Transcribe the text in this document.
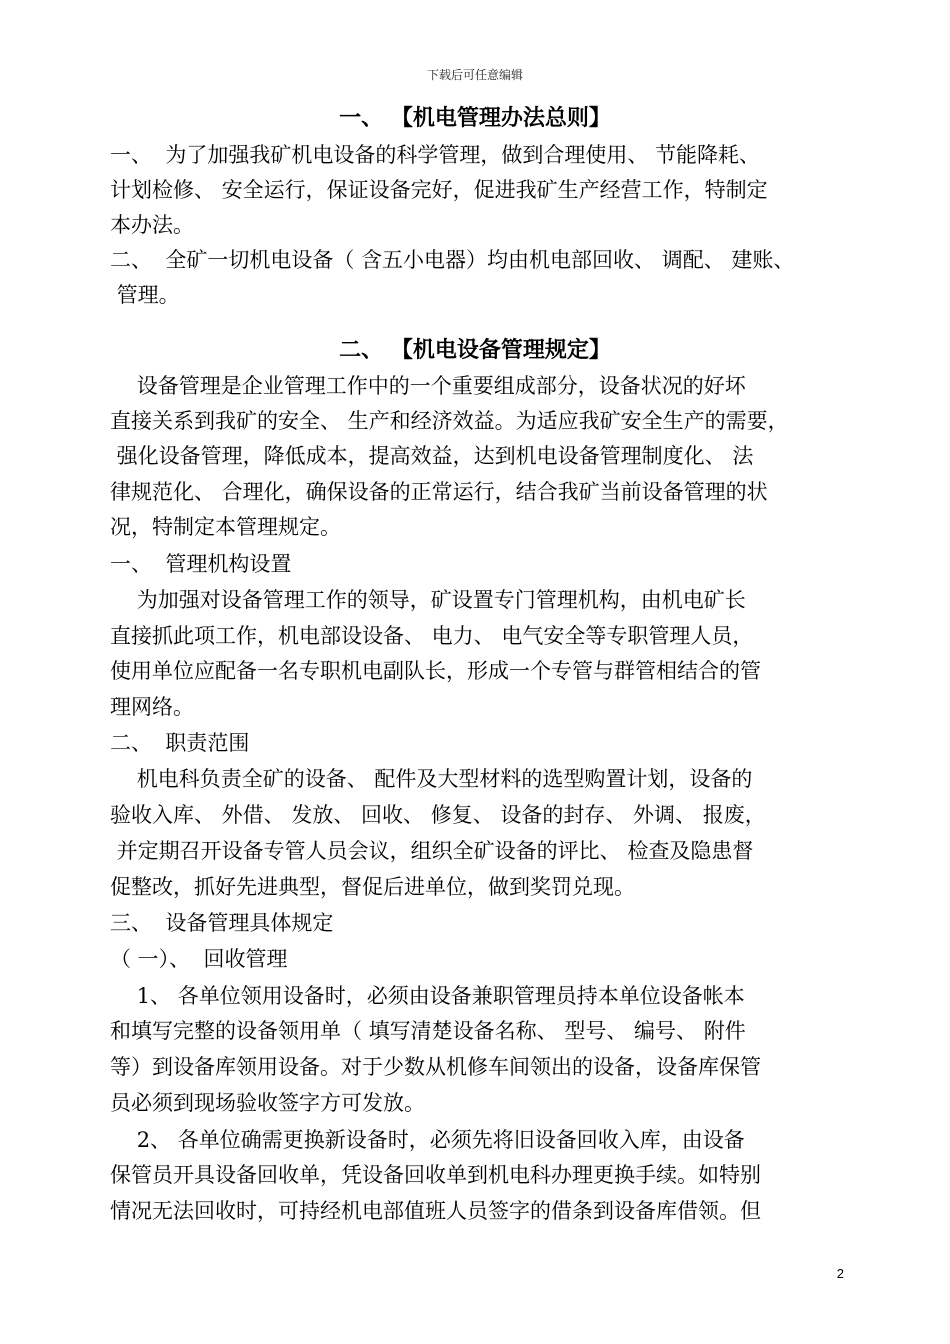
下载后可任意编辑
一、 【机电管理办法总则】
一、  为了加强我矿机电设备的科学管理，做到合理使用、 节能降耗、
计划检修、 安全运行，保证设备完好，促进我矿生产经营工作，特制定
本办法。
二、  全矿一切机电设备（ 含五小电器）均由机电部回收、 调配、 建账、
管理。
二、 【机电设备管理规定】
设备管理是企业管理工作中的一个重要组成部分，设备状况的好坏
直接关系到我矿的安全、 生产和经济效益。为适应我矿安全生产的需要，
强化设备管理，降低成本，提高效益，达到机电设备管理制度化、 法
律规范化、 合理化，确保设备的正常运行，结合我矿当前设备管理的状
况，特制定本管理规定。
一、  管理机构设置
为加强对设备管理工作的领导，矿设置专门管理机构，由机电矿长
直接抓此项工作，机电部设设备、 电力、 电气安全等专职管理人员，
使用单位应配备一名专职机电副队长，形成一个专管与群管相结合的管
理网络。
二、  职责范围
机电科负责全矿的设备、 配件及大型材料的选型购置计划，设备的
验收入库、 外借、 发放、 回收、 修复、 设备的封存、 外调、 报废，
并定期召开设备专管人员会议，组织全矿设备的评比、 检查及隐患督
促整改，抓好先进典型，督促后进单位，做到奖罚兑现。
三、  设备管理具体规定
（ 一）、  回收管理
1、 各单位领用设备时，必须由设备兼职管理员持本单位设备帐本
和填写完整的设备领用单（ 填写清楚设备名称、 型号、 编号、 附件
等）到设备库领用设备。对于少数从机修车间领出的设备，设备库保管
员必须到现场验收签字方可发放。
2、 各单位确需更换新设备时，必须先将旧设备回收入库，由设备
保管员开具设备回收单，凭设备回收单到机电科办理更换手续。如特别
情况无法回收时，可持经机电部值班人员签字的借条到设备库借领。但
2
